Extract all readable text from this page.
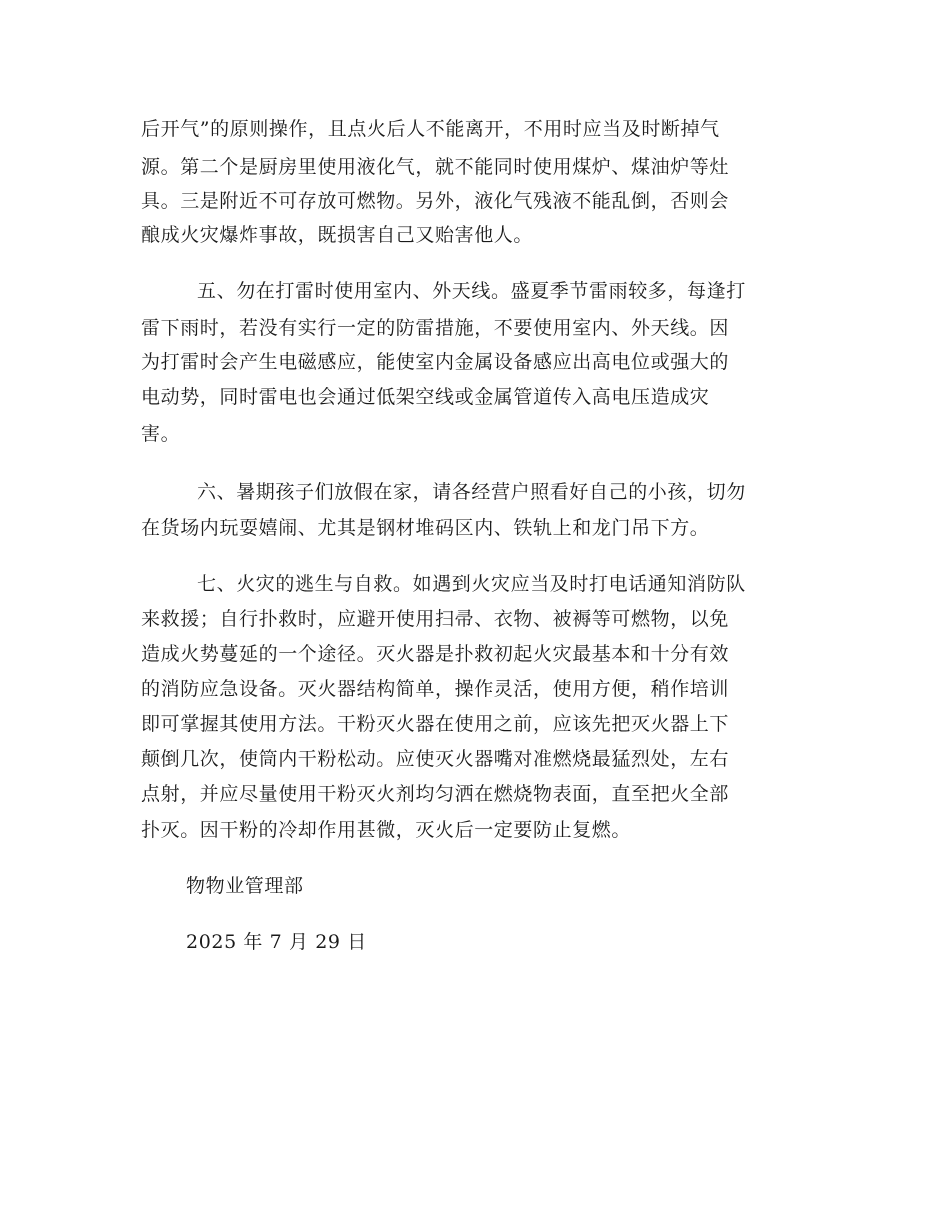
后开气”的原则操作，且点火后人不能离开，不用时应当及时断掉气
源。第二个是厨房里使用液化气，就不能同时使用煤炉、煤油炉等灶
具。三是附近不可存放可燃物。另外，液化气残液不能乱倒，否则会
酿成火灾爆炸事故，既损害自己又贻害他人。
五、勿在打雷时使用室内、外天线。盛夏季节雷雨较多，每逢打
雷下雨时，若没有实行一定的防雷措施，不要使用室内、外天线。因
为打雷时会产生电磁感应，能使室内金属设备感应出高电位或强大的
电动势，同时雷电也会通过低架空线或金属管道传入高电压造成灾
害。
六、暑期孩子们放假在家，请各经营户照看好自己的小孩，切勿
在货场内玩耍嬉闹、尤其是钢材堆码区内、铁轨上和龙门吊下方。
七、火灾的逃生与自救。如遇到火灾应当及时打电话通知消防队
来救援；自行扑救时，应避开使用扫帚、衣物、被褥等可燃物，以免
造成火势蔓延的一个途径。灭火器是扑救初起火灾最基本和十分有效
的消防应急设备。灭火器结构简单，操作灵活，使用方便，稍作培训
即可掌握其使用方法。干粉灭火器在使用之前，应该先把灭火器上下
颠倒几次，使筒内干粉松动。应使灭火器嘴对准燃烧最猛烈处，左右
点射，并应尽量使用干粉灭火剂均匀洒在燃烧物表面，直至把火全部
扑灭。因干粉的冷却作用甚微，灭火后一定要防止复燃。
物物业管理部
2025 年 7 月 29 日
